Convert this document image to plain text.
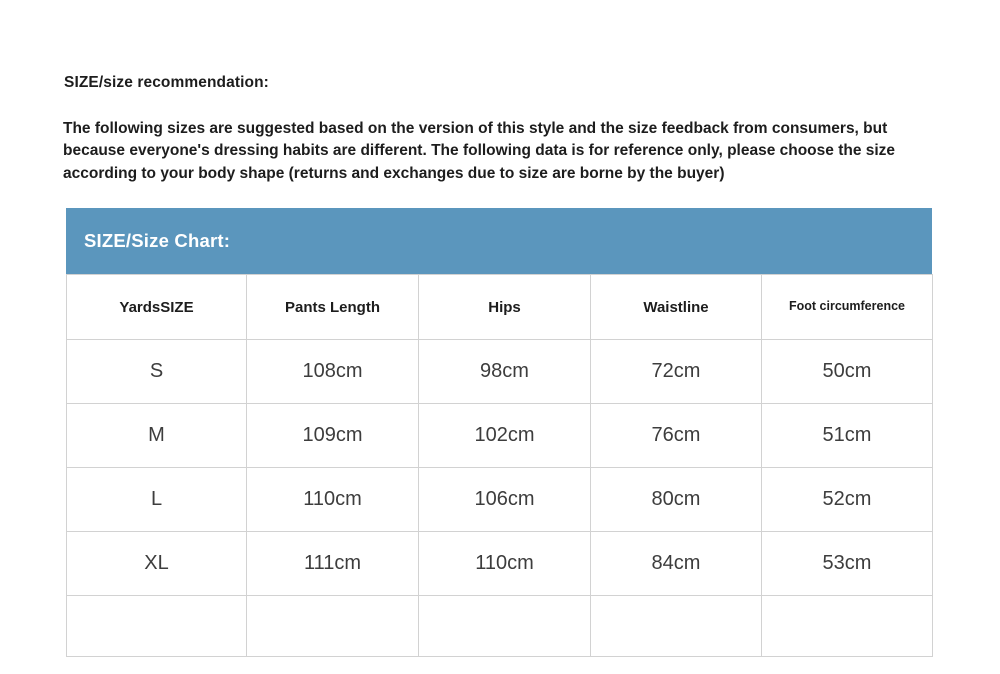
SIZE/size recommendation:
The following sizes are suggested based on the version of this style and the size feedback from consumers, but because everyone's dressing habits are different. The following data is for reference only, please choose the size according to your body shape (returns and exchanges due to size are borne by the buyer)
SIZE/Size Chart:
YardsSIZE	Pants Length	Hips	Waistline	Foot circumference
S	108cm	98cm	72cm	50cm
M	109cm	102cm	76cm	51cm
L	110cm	106cm	80cm	52cm
XL	111cm	110cm	84cm	53cm
